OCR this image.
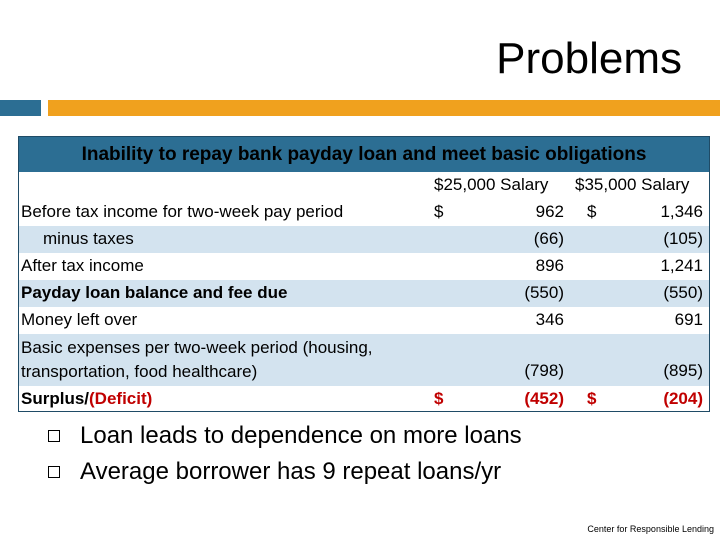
Problems
Inability to repay bank payday loan and meet basic obligations
$25,000 Salary $35,000 Salary
Before tax income for two-week pay period	$	962 $	1,346
minus taxes	(66)	(105)
After tax income	896	1,241
Payday loan balance and fee due	(550)	(550)
Money left over	346	691
Basic expenses per two-week period (housing, transportation, food healthcare)	(798)	(895)
Surplus/(Deficit)	$	(452) $	(204)
Loan leads to dependence on more loans
Average borrower has 9 repeat loans/yr
Center for Responsible Lending
